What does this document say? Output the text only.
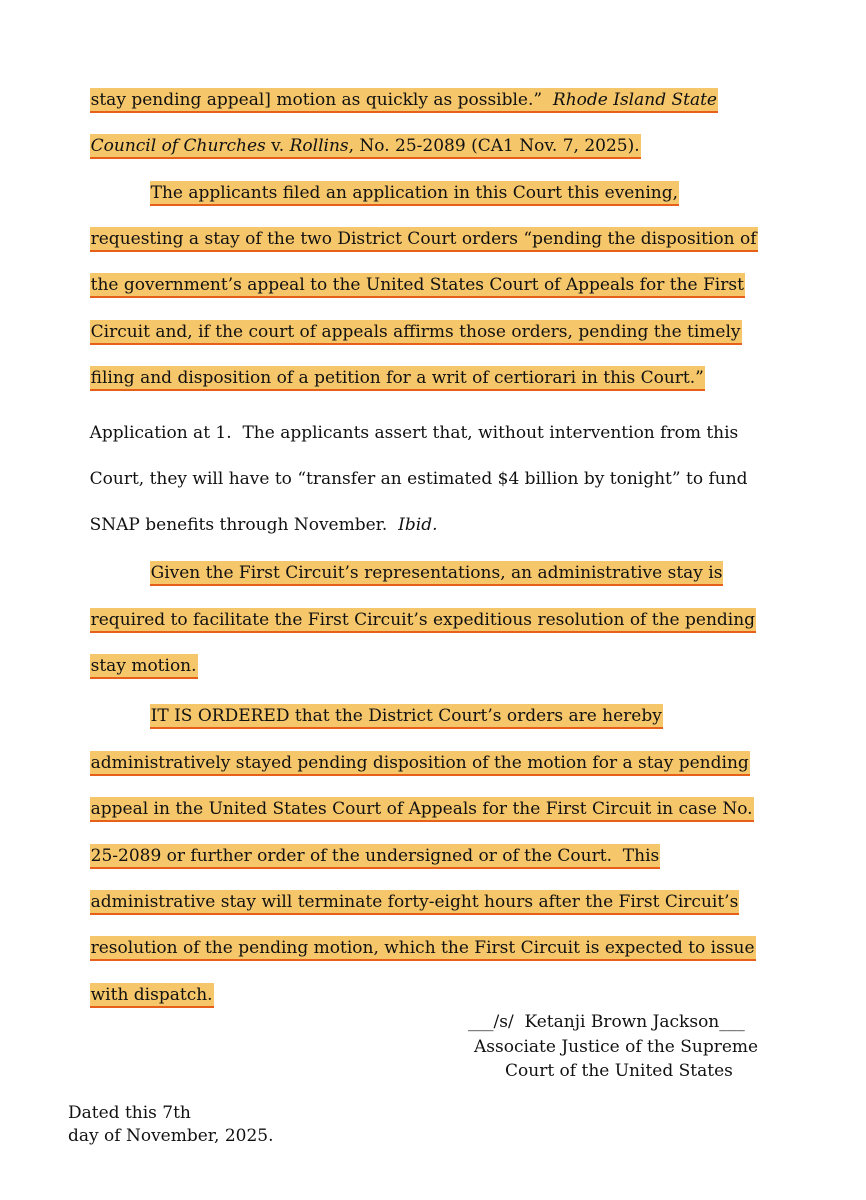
stay pending appeal] motion as quickly as possible.”  Rhode Island State

Council of Churches v. Rollins, No. 25-2089 (CA1 Nov. 7, 2025).

The applicants filed an application in this Court this evening,

requesting a stay of the two District Court orders “pending the disposition of

the government’s appeal to the United States Court of Appeals for the First

Circuit and, if the court of appeals affirms those orders, pending the timely

filing and disposition of a petition for a writ of certiorari in this Court.”

Application at 1.  The applicants assert that, without intervention from this

Court, they will have to “transfer an estimated $4 billion by tonight” to fund

SNAP benefits through November.  Ibid.

Given the First Circuit’s representations, an administrative stay is

required to facilitate the First Circuit’s expeditious resolution of the pending

stay motion.

IT IS ORDERED that the District Court’s orders are hereby

administratively stayed pending disposition of the motion for a stay pending

appeal in the United States Court of Appeals for the First Circuit in case No.

25-2089 or further order of the undersigned or of the Court.  This

administrative stay will terminate forty-eight hours after the First Circuit’s

resolution of the pending motion, which the First Circuit is expected to issue

with dispatch.

___/s/  Ketanji Brown Jackson___
Associate Justice of the Supreme
Court of the United States
Dated this 7th
day of November, 2025.
